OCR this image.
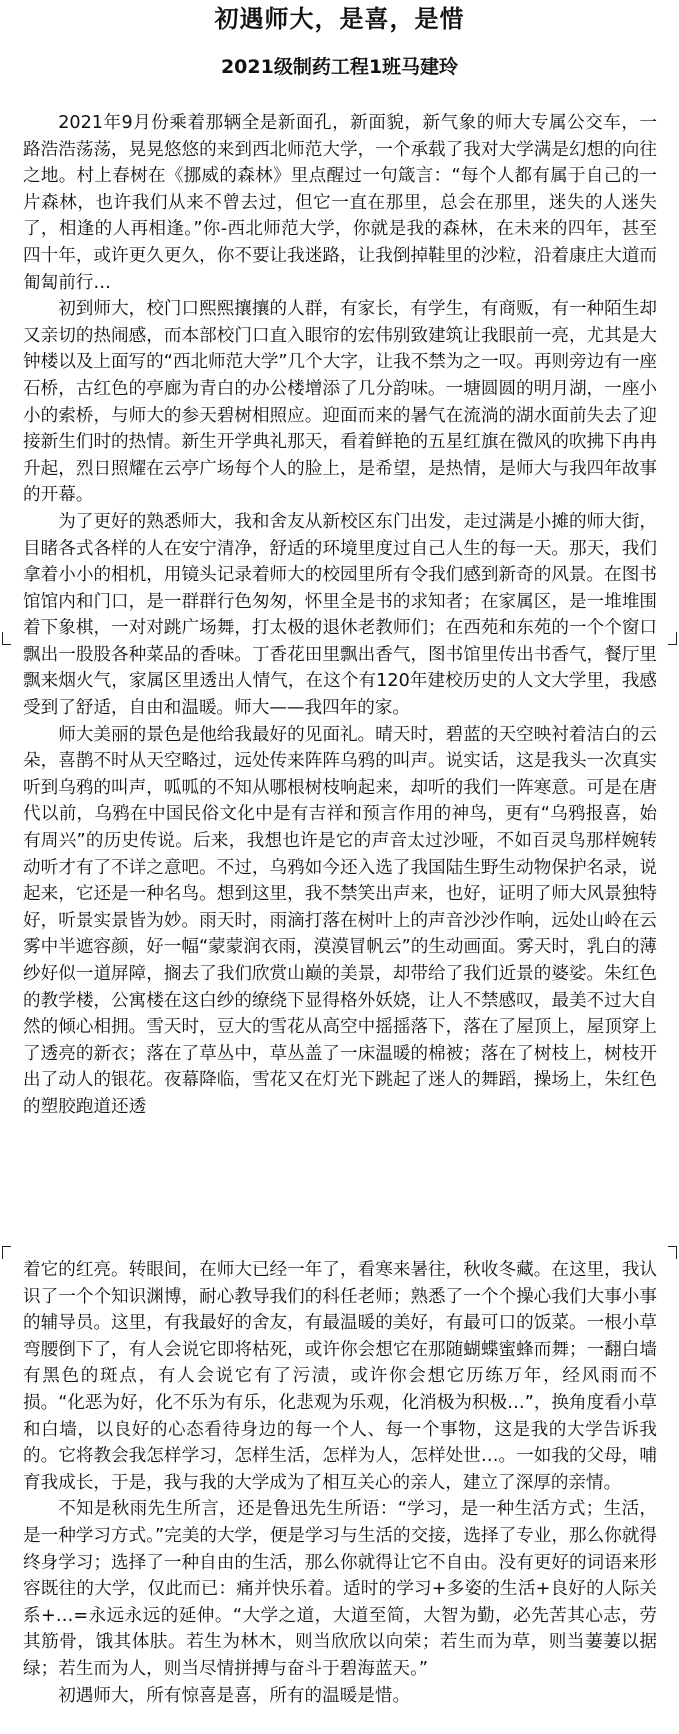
初遇师大，是喜，是惜
2021级制药工程1班马建玲

2021年9月份乘着那辆全是新面孔，新面貌，新气象的师大专属公交车，一路浩浩荡荡，晃晃悠悠的来到西北师范大学，一个承载了我对大学满是幻想的向往之地。村上春树在《挪威的森林》里点醒过一句箴言：“每个人都有属于自己的一片森林，也许我们从来不曾去过，但它一直在那里，总会在那里，迷失的人迷失了，相逢的人再相逢。”你-西北师范大学，你就是我的森林，在未来的四年，甚至四十年，或许更久更久，你不要让我迷路，让我倒掉鞋里的沙粒，沿着康庄大道而匍匐前行…

初到师大，校门口熙熙攘攘的人群，有家长，有学生，有商贩，有一种陌生却又亲切的热闹感，而本部校门口直入眼帘的宏伟别致建筑让我眼前一亮，尤其是大钟楼以及上面写的“西北师范大学”几个大字，让我不禁为之一叹。再则旁边有一座石桥，古红色的亭廊为青白的办公楼增添了几分韵味。一塘圆圆的明月湖，一座小小的索桥，与师大的参天碧树相照应。迎面而来的暑气在流淌的湖水面前失去了迎接新生们时的热情。新生开学典礼那天，看着鲜艳的五星红旗在微风的吹拂下冉冉升起，烈日照耀在云亭广场每个人的脸上，是希望，是热情，是师大与我四年故事的开幕。

为了更好的熟悉师大，我和舍友从新校区东门出发，走过满是小摊的师大街，目睹各式各样的人在安宁清净，舒适的环境里度过自己人生的每一天。那天，我们拿着小小的相机，用镜头记录着师大的校园里所有令我们感到新奇的风景。在图书馆馆内和门口，是一群群行色匆匆，怀里全是书的求知者；在家属区，是一堆堆围着下象棋，一对对跳广场舞，打太极的退休老教师们；在西苑和东苑的一个个窗口飘出一股股各种菜品的香味。丁香花田里飘出香气，图书馆里传出书香气，餐厅里飘来烟火气，家属区里透出人情气，在这个有120年建校历史的人文大学里，我感受到了舒适，自由和温暖。师大——我四年的家。

师大美丽的景色是他给我最好的见面礼。晴天时，碧蓝的天空映衬着洁白的云朵，喜鹊不时从天空略过，远处传来阵阵乌鸦的叫声。说实话，这是我头一次真实听到乌鸦的叫声，呱呱的不知从哪根树枝响起来，却听的我们一阵寒意。可是在唐代以前，乌鸦在中国民俗文化中是有吉祥和预言作用的神鸟，更有“乌鸦报喜，始有周兴”的历史传说。后来，我想也许是它的声音太过沙哑，不如百灵鸟那样婉转动听才有了不详之意吧。不过，乌鸦如今还入选了我国陆生野生动物保护名录，说起来，它还是一种名鸟。想到这里，我不禁笑出声来，也好，证明了师大风景独特好，听景实景皆为妙。雨天时，雨滴打落在树叶上的声音沙沙作响，远处山岭在云雾中半遮容颜，好一幅“蒙蒙润衣雨，漠漠冒帆云”的生动画面。雾天时，乳白的薄纱好似一道屏障，搁去了我们欣赏山巅的美景，却带给了我们近景的婆娑。朱红色的教学楼，公寓楼在这白纱的缭绕下显得格外妖娆，让人不禁感叹，最美不过大自然的倾心相拥。雪天时，豆大的雪花从高空中摇摇落下，落在了屋顶上，屋顶穿上了透亮的新衣；落在了草丛中，草丛盖了一床温暖的棉被；落在了树枝上，树枝开出了动人的银花。夜幕降临，雪花又在灯光下跳起了迷人的舞蹈，操场上，朱红色的塑胶跑道还透

着它的红亮。转眼间，在师大已经一年了，看寒来暑往，秋收冬藏。在这里，我认识了一个个知识渊博，耐心教导我们的科任老师；熟悉了一个个操心我们大事小事的辅导员。这里，有我最好的舍友，有最温暖的美好，有最可口的饭菜。一根小草弯腰倒下了，有人会说它即将枯死，或许你会想它在那随蝴蝶蜜蜂而舞；一翻白墙有黑色的斑点，有人会说它有了污渍，或许你会想它历练万年，经风雨而不损。“化恶为好，化不乐为有乐，化悲观为乐观，化消极为积极…”，换角度看小草和白墙，以良好的心态看待身边的每一个人、每一个事物，这是我的大学告诉我的。它将教会我怎样学习，怎样生活，怎样为人，怎样处世…。一如我的父母，哺育我成长，于是，我与我的大学成为了相互关心的亲人，建立了深厚的亲情。

不知是秋雨先生所言，还是鲁迅先生所语：“学习，是一种生活方式；生活，是一种学习方式。”完美的大学，便是学习与生活的交接，选择了专业，那么你就得终身学习；选择了一种自由的生活，那么你就得让它不自由。没有更好的词语来形容既往的大学，仅此而已：痛并快乐着。适时的学习+多姿的生活+良好的人际关系+…=永远永远的延伸。“大学之道，大道至简，大智为勤，必先苦其心志，劳其筋骨，饿其体肤。若生为林木，则当欣欣以向荣；若生而为草，则当萋萋以据绿；若生而为人，则当尽情拼搏与奋斗于碧海蓝天。”

初遇师大，所有惊喜是喜，所有的温暖是惜。
